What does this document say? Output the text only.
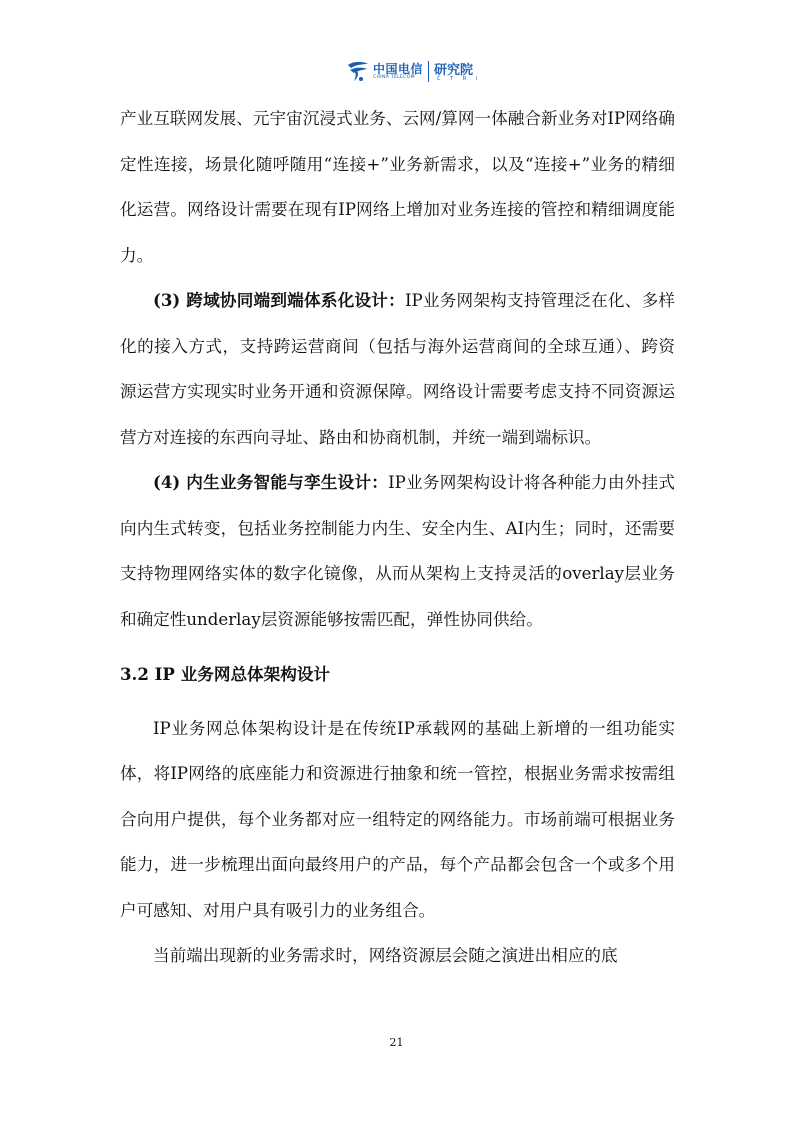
中国电信
CHINA TELECOM 研究院
C T R I

产业互联网发展、元宇宙沉浸式业务、云网/算网一体融合新业务对IP网络确定性连接，场景化随呼随用“连接+”业务新需求，以及“连接+”业务的精细化运营。网络设计需要在现有IP网络上增加对业务连接的管控和精细调度能力。

(3) 跨域协同端到端体系化设计：IP业务网架构支持管理泛在化、多样化的接入方式，支持跨运营商间（包括与海外运营商间的全球互通）、跨资源运营方实现实时业务开通和资源保障。网络设计需要考虑支持不同资源运营方对连接的东西向寻址、路由和协商机制，并统一端到端标识。

(4) 内生业务智能与孪生设计：IP业务网架构设计将各种能力由外挂式向内生式转变，包括业务控制能力内生、安全内生、AI内生；同时，还需要支持物理网络实体的数字化镜像，从而从架构上支持灵活的overlay层业务和确定性underlay层资源能够按需匹配，弹性协同供给。

3.2 IP 业务网总体架构设计

IP业务网总体架构设计是在传统IP承载网的基础上新增的一组功能实体，将IP网络的底座能力和资源进行抽象和统一管控，根据业务需求按需组合向用户提供，每个业务都对应一组特定的网络能力。市场前端可根据业务能力，进一步梳理出面向最终用户的产品，每个产品都会包含一个或多个用户可感知、对用户具有吸引力的业务组合。

当前端出现新的业务需求时，网络资源层会随之演进出相应的底

21
